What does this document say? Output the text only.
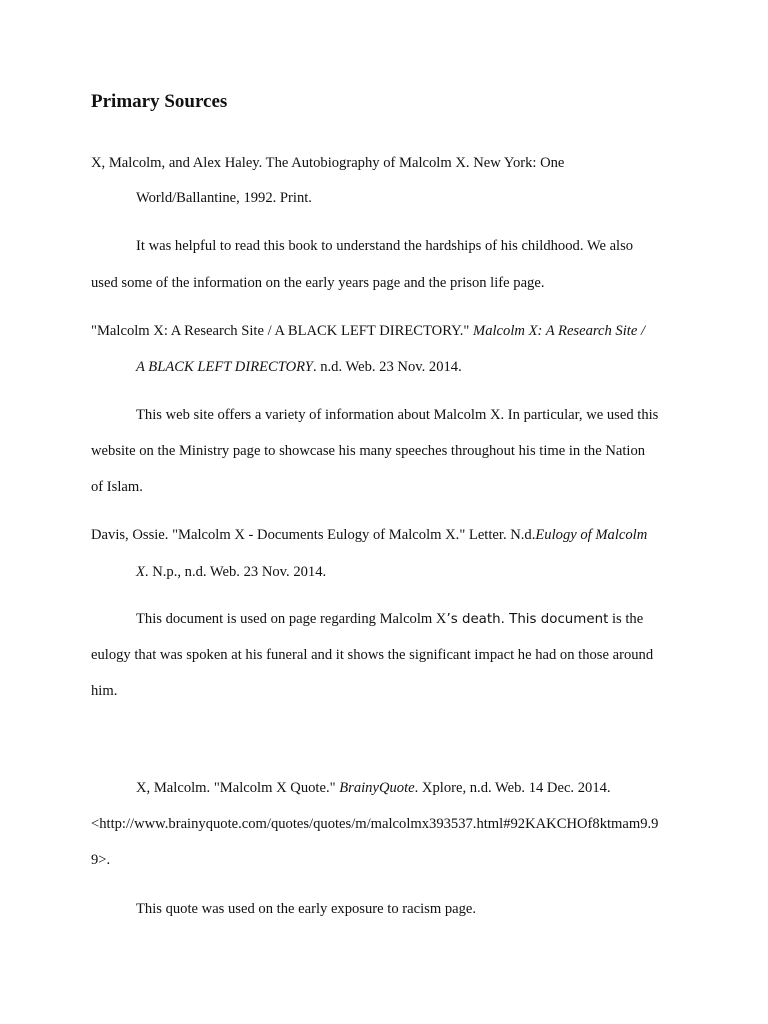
Primary Sources
X, Malcolm, and Alex Haley. The Autobiography of Malcolm X. New York: One
World/Ballantine, 1992. Print.
It was helpful to read this book to understand the hardships of his childhood. We also
used some of the information on the early years page and the prison life page.
"Malcolm X: A Research Site / A BLACK LEFT DIRECTORY." Malcolm X: A Research Site /
A BLACK LEFT DIRECTORY. n.d. Web. 23 Nov. 2014.
This web site offers a variety of information about Malcolm X. In particular, we used this
website on the Ministry page to showcase his many speeches throughout his time in the Nation
of Islam.
Davis, Ossie. "Malcolm X - Documents Eulogy of Malcolm X." Letter. N.d.Eulogy of Malcolm
X. N.p., n.d. Web. 23 Nov. 2014.
This document is used on page regarding Malcolm X’s death. This document is the
eulogy that was spoken at his funeral and it shows the significant impact he had on those around
him.
X, Malcolm. "Malcolm X Quote." BrainyQuote. Xplore, n.d. Web. 14 Dec. 2014.
<http://www.brainyquote.com/quotes/quotes/m/malcolmx393537.html#92KAKCHOf8ktmam9.9
9>.
This quote was used on the early exposure to racism page.
